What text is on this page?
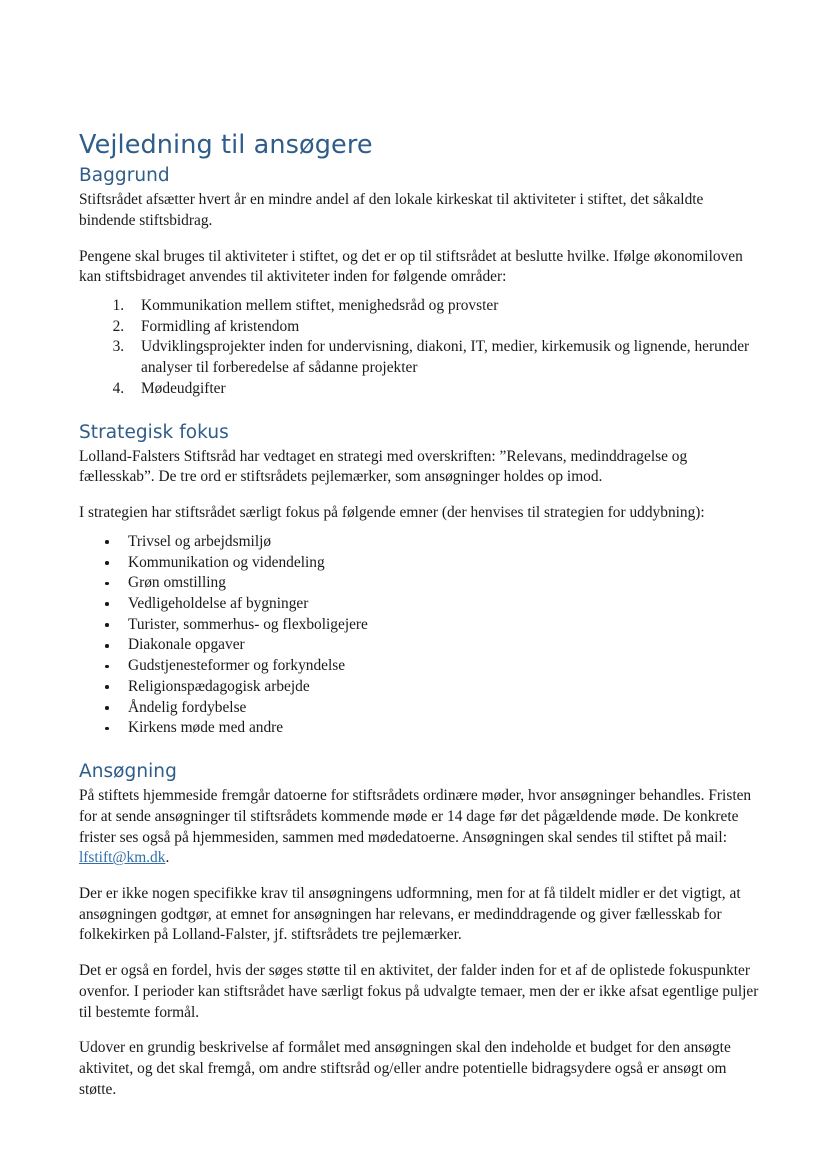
Vejledning til ansøgere
Baggrund

Stiftsrådet afsætter hvert år en mindre andel af den lokale kirkeskat til aktiviteter i stiftet, det såkaldte bindende stiftsbidrag.

Pengene skal bruges til aktiviteter i stiftet, og det er op til stiftsrådet at beslutte hvilke. Ifølge økonomiloven kan stiftsbidraget anvendes til aktiviteter inden for følgende områder:

1. Kommunikation mellem stiftet, menighedsråd og provster
2. Formidling af kristendom
3. Udviklingsprojekter inden for undervisning, diakoni, IT, medier, kirkemusik og lignende, herunder analyser til forberedelse af sådanne projekter
4. Mødeudgifter
Strategisk fokus

Lolland-Falsters Stiftsråd har vedtaget en strategi med overskriften: ”Relevans, medinddragelse og fællesskab”. De tre ord er stiftsrådets pejlemærker, som ansøgninger holdes op imod.

I strategien har stiftsrådet særligt fokus på følgende emner (der henvises til strategien for uddybning):

Trivsel og arbejdsmiljø
Kommunikation og videndeling
Grøn omstilling
Vedligeholdelse af bygninger
Turister, sommerhus- og flexboligejere
Diakonale opgaver
Gudstjenesteformer og forkyndelse
Religionspædagogisk arbejde
Åndelig fordybelse
Kirkens møde med andre
Ansøgning

På stiftets hjemmeside fremgår datoerne for stiftsrådets ordinære møder, hvor ansøgninger behandles. Fristen for at sende ansøgninger til stiftsrådets kommende møde er 14 dage før det pågældende møde. De konkrete frister ses også på hjemmesiden, sammen med mødedatoerne. Ansøgningen skal sendes til stiftet på mail: lfstift@km.dk.

Der er ikke nogen specifikke krav til ansøgningens udformning, men for at få tildelt midler er det vigtigt, at ansøgningen godtgør, at emnet for ansøgningen har relevans, er medinddragende og giver fællesskab for folkekirken på Lolland-Falster, jf. stiftsrådets tre pejlemærker.

Det er også en fordel, hvis der søges støtte til en aktivitet, der falder inden for et af de oplistede fokuspunkter ovenfor. I perioder kan stiftsrådet have særligt fokus på udvalgte temaer, men der er ikke afsat egentlige puljer til bestemte formål.

Udover en grundig beskrivelse af formålet med ansøgningen skal den indeholde et budget for den ansøgte aktivitet, og det skal fremgå, om andre stiftsråd og/eller andre potentielle bidragsydere også er ansøgt om støtte.
